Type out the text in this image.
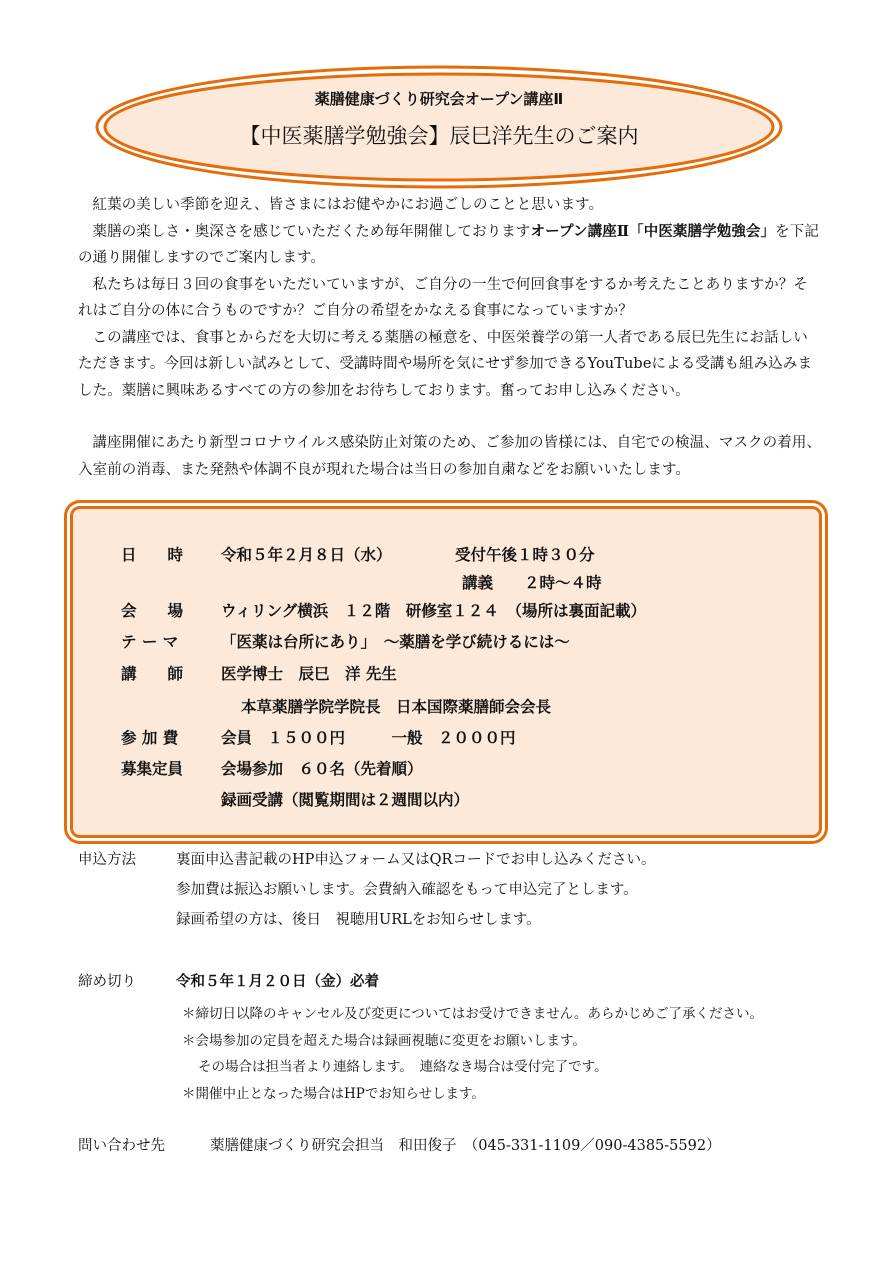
薬膳健康づくり研究会オープン講座Ⅱ
【中医薬膳学勉強会】辰巳洋先生のご案内

紅葉の美しい季節を迎え、皆さまにはお健やかにお過ごしのことと思います。

薬膳の楽しさ・奥深さを感じていただくため毎年開催しておりますオープン講座Ⅱ「中医薬膳学勉強会」を下記の通り開催しますのでご案内します。

私たちは毎日３回の食事をいただいていますが、ご自分の一生で何回食事をするか考えたことありますか？それはご自分の体に合うものですか？ご自分の希望をかなえる食事になっていますか？

この講座では、食事とからだを大切に考える薬膳の極意を、中医栄養学の第一人者である辰巳先生にお話しいただきます。今回は新しい試みとして、受講時間や場所を気にせず参加できるYouTubeによる受講も組み込みました。薬膳に興味あるすべての方の参加をお待ちしております。奮ってお申し込みください。

講座開催にあたり新型コロナウイルス感染防止対策のため、ご参加の皆様には、自宅での検温、マスクの着用、入室前の消毒、また発熱や体調不良が現れた場合は当日の参加自粛などをお願いいたします。

日　　時	令和５年２月８日（水）	受付午後１時３０分
講義　　２時～４時
会　　場	ウィリング横浜　１２階　研修室１２４　（場所は裏面記載）
テ ー マ	「医薬は台所にあり」　～薬膳を学び続けるには～
講　　師	医学博士　辰巳　洋 先生
本草薬膳学院学院長　日本国際薬膳師会会長
参 加 費	会員　１５００円　　　一般　２０００円
募集定員	会場参加　６０名（先着順）
録画受講（閲覧期間は２週間以内）
申込方法	裏面申込書記載のHP申込フォーム又はQRコードでお申し込みください。
参加費は振込お願いします。会費納入確認をもって申込完了とします。
録画希望の方は、後日　視聴用URLをお知らせします。
締め切り	令和５年１月２０日（金）必着
＊締切日以降のキャンセル及び変更についてはお受けできません。あらかじめご了承ください。
＊会場参加の定員を超えた場合は録画視聴に変更をお願いします。
その場合は担当者より連絡します。　連絡なき場合は受付完了です。
＊開催中止となった場合はHPでお知らせします。
問い合わせ先	薬膳健康づくり研究会担当　和田俊子　（045-331-1109／090-4385-5592）
